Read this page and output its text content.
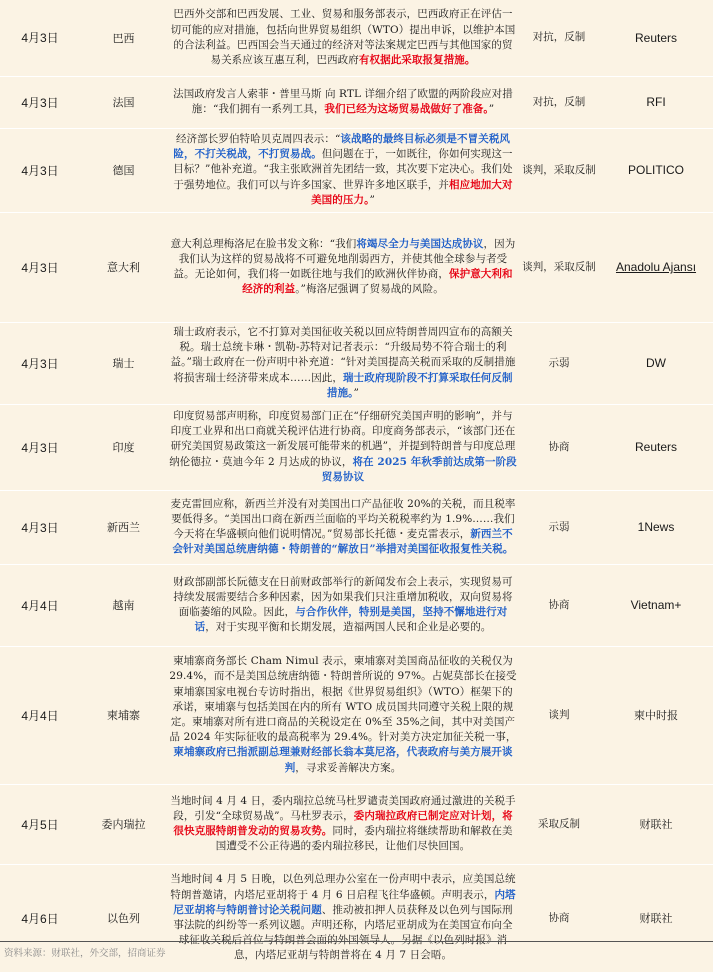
4月3日	巴西	巴西外交部和巴西发展、工业、贸易和服务部表示，巴西政府正在评估一切可能的应对措施，包括向世界贸易组织（WTO）提出申诉，以维护本国的合法利益。巴西国会当天通过的经济对等法案规定巴西与其他国家的贸易关系应该互惠互利，巴西政府有权据此采取报复措施。	对抗，反制	Reuters
4月3日	法国	法国政府发言人索菲・普里马斯 向 RTL 详细介绍了欧盟的两阶段应对措施：“我们拥有一系列工具，我们已经为这场贸易战做好了准备。”	对抗，反制	RFI
4月3日	德国	经济部长罗伯特哈贝克周四表示：“该战略的最终目标必须是不冒关税风险，不打关税战，不打贸易战。但问题在于，一如既往，你如何实现这一目标？”他补充道。“我主张欧洲首先团结一致，其次要下定决心。我们处于强势地位。我们可以与许多国家、世界许多地区联手，并相应地加大对美国的压力。”	谈判，采取反制	POLITICO
4月3日	意大利	意大利总理梅洛尼在脸书发文称：“我们将竭尽全力与美国达成协议，因为我们认为这样的贸易战将不可避免地削弱西方，并使其他全球参与者受益。无论如何，我们将一如既往地与我们的欧洲伙伴协商，保护意大利和经济的利益。”梅洛尼强调了贸易战的风险。	谈判，采取反制	Anadolu Ajansı
4月3日	瑞士	瑞士政府表示，它不打算对美国征收关税以回应特朗普周四宣布的高额关税。瑞士总统卡琳・凯勒-苏特对记者表示：“升级局势不符合瑞士的利益。”瑞士政府在一份声明中补充道：“针对美国提高关税而采取的反制措施将损害瑞士经济带来成本……因此，瑞士政府现阶段不打算采取任何反制措施。”	示弱	DW
4月3日	印度	印度贸易部声明称，印度贸易部门正在“仔细研究美国声明的影响”，并与印度工业界和出口商就关税评估进行协商。印度商务部表示，“该部门还在研究美国贸易政策这一新发展可能带来的机遇”，并提到特朗普与印度总理纳伦德拉・莫迪今年 2 月达成的协议，将在 2025 年秋季前达成第一阶段贸易协议	协商	Reuters
4月3日	新西兰	麦克雷回应称，新西兰并没有对美国出口产品征收 20%的关税，而且税率要低得多。“美国出口商在新西兰面临的平均关税税率约为 1.9%……我们今天将在华盛顿向他们说明情况。”贸易部长托德・麦克雷表示，新西兰不会针对美国总统唐纳德・特朗普的“解放日”举措对美国征收报复性关税。	示弱	1News
4月4日	越南	财政部副部长阮德支在日前财政部举行的新闻发布会上表示，实现贸易可持续发展需要结合多种因素，因为如果我们只注重增加税收，双向贸易将面临萎缩的风险。因此，与合作伙伴，特别是美国，坚持不懈地进行对话，对于实现平衡和长期发展，造福两国人民和企业是必要的。	协商	Vietnam+
4月4日	柬埔寨	柬埔寨商务部长 Cham Nimul 表示，柬埔寨对美国商品征收的关税仅为 29.4%，而不是美国总统唐纳德・特朗普所说的 97%。占妮莫部长在接受柬埔寨国家电视台专访时指出，根据《世界贸易组织》（WTO）框架下的承诺，柬埔寨与包括美国在内的所有 WTO 成员国共同遵守关税上限的规定。柬埔寨对所有进口商品的关税设定在 0%至 35%之间，其中对美国产品 2024 年实际征收的最高税率为 29.4%。针对美方决定加征关税一事，柬埔寨政府已指派副总理兼财经部长翁本莫尼洛，代表政府与美方展开谈判，寻求妥善解决方案。	谈判	柬中时报
4月5日	委内瑞拉	当地时间 4 月 4 日，委内瑞拉总统马杜罗谴责美国政府通过激进的关税手段，引发“全球贸易战”。马杜罗表示，委内瑞拉政府已制定应对计划，将很快克服特朗普发动的贸易攻势。同时，委内瑞拉将继续帮助和解救在美国遭受不公正待遇的委内瑞拉移民，让他们尽快回国。	采取反制	财联社
4月6日	以色列	当地时间 4 月 5 日晚，以色列总理办公室在一份声明中表示，应美国总统特朗普邀请，内塔尼亚胡将于 4 月 6 日启程飞往华盛顿。声明表示，内塔尼亚胡将与特朗普讨论关税问题、推动被扣押人员获释及以色列与国际刑事法院的纠纷等一系列议题。声明还称，内塔尼亚胡成为在美国宣布向全 息，内塔尼亚胡与特朗普将在 4 月 7 日会晤。	协商	财联社
资料来源：财联社，外交部，招商证券
